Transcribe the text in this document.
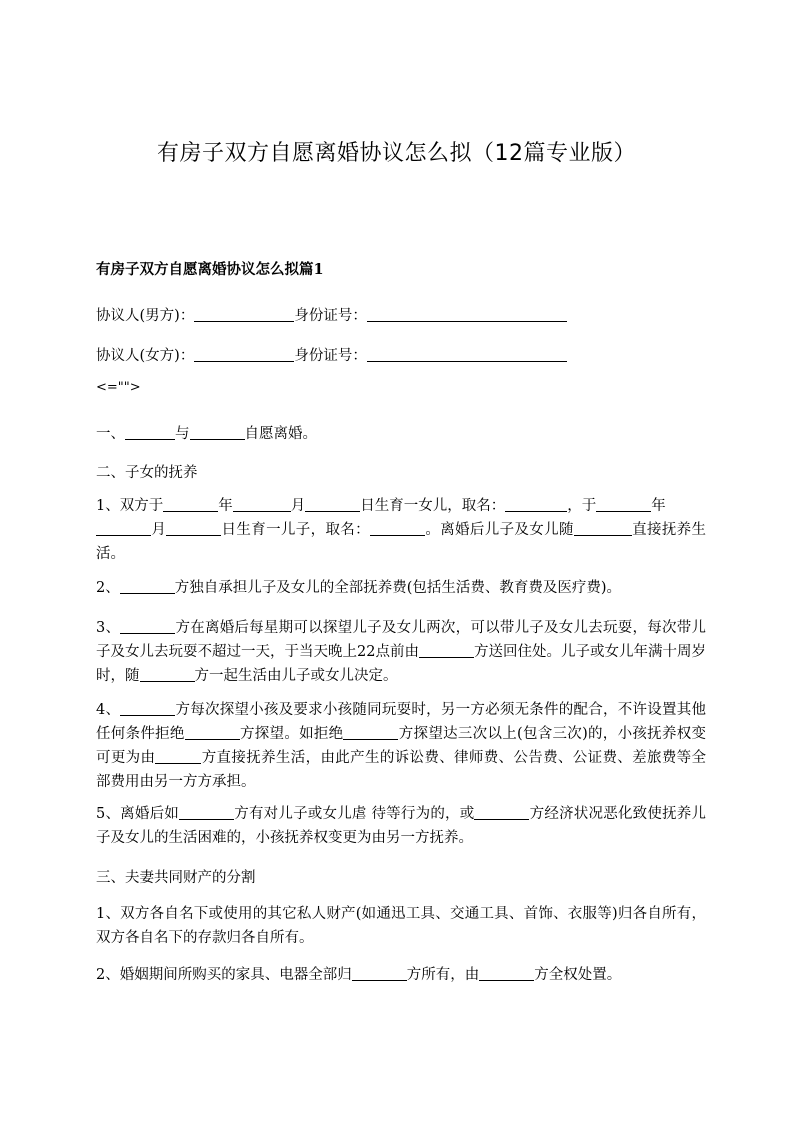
有房子双方自愿离婚协议怎么拟（12篇专业版）
有房子双方自愿离婚协议怎么拟篇1
协议人(男方)：	身份证号：
协议人(女方)：	身份证号：
<="">
一、	与	自愿离婚。
二、子女的抚养
1、双方于	年	月	日生育一女儿，取名：	，于	年
月	日生育一儿子，取名：	。离婚后儿子及女儿随	直接抚养生活。
2、	方独自承担儿子及女儿的全部抚养费(包括生活费、教育费及医疗费)。
3、	方在离婚后每星期可以探望儿子及女儿两次，可以带儿子及女儿去玩耍，每次带儿子及女儿去玩耍不超过一天，于当天晚上22点前由	方送回住处。儿子或女儿年满十周岁时，随	方一起生活由儿子或女儿决定。
4、	方每次探望小孩及要求小孩随同玩耍时，另一方必须无条件的配合，不许设置其他任何条件拒绝	方探望。如拒绝	方探望达三次以上(包含三次)的，小孩抚养权变可更为由	方直接抚养生活，由此产生的诉讼费、律师费、公告费、公证费、差旅费等全部费用由另一方方承担。
5、离婚后如	方有对儿子或女儿虐 待等行为的，或	方经济状况恶化致使抚养儿子及女儿的生活困难的，小孩抚养权变更为由另一方抚养。
三、夫妻共同财产的分割
1、双方各自名下或使用的其它私人财产(如通迅工具、交通工具、首饰、衣服等)归各自所有，双方各自名下的存款归各自所有。
2、婚姻期间所购买的家具、电器全部归	方所有，由	方全权处置。
